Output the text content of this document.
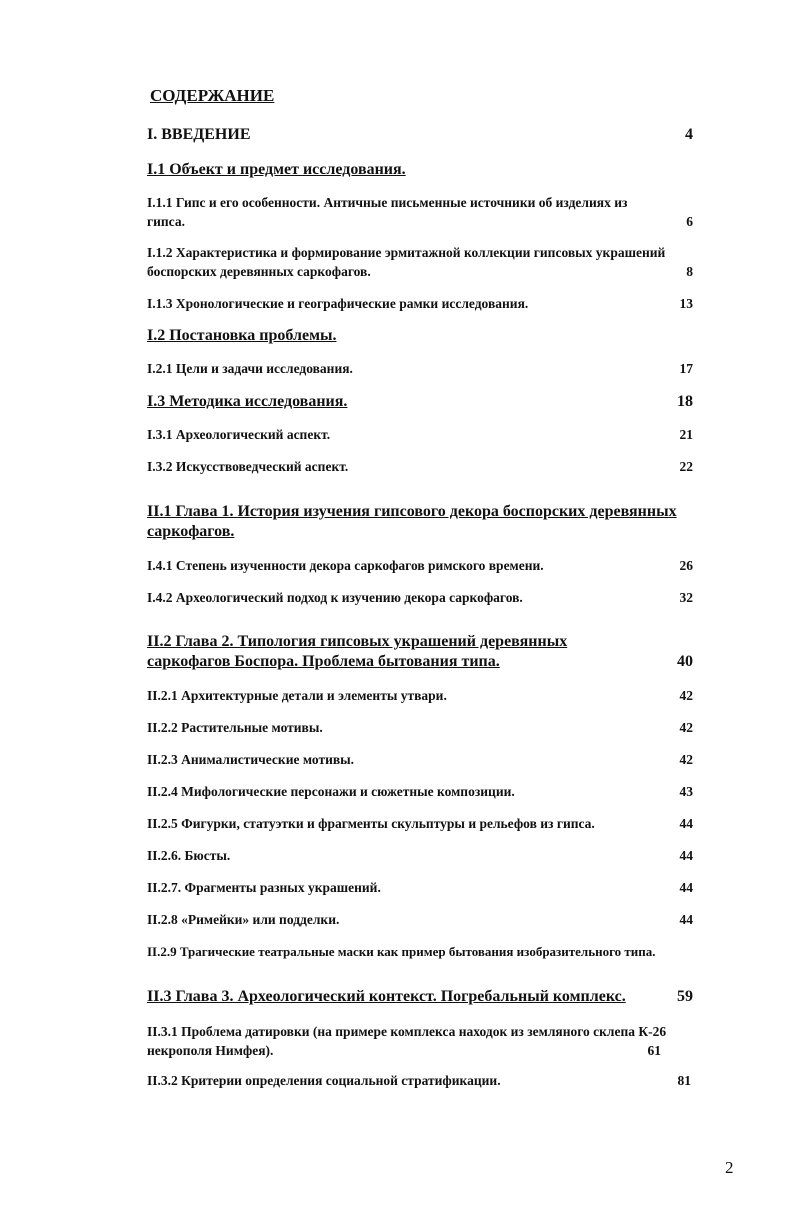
СОДЕРЖАНИЕ
I. ВВЕДЕНИЕ	4
I.1 Объект и предмет исследования.
I.1.1 Гипс и его особенности. Античные письменные источники об изделиях из гипса.	6
I.1.2 Характеристика и формирование эрмитажной коллекции гипсовых украшений боспорских деревянных саркофагов.	8
I.1.3 Хронологические и географические рамки исследования.	13
I.2 Постановка проблемы.
I.2.1 Цели и задачи исследования.	17
I.3 Методика исследования.	18
I.3.1 Археологический аспект.	21
I.3.2 Искусствоведческий аспект.	22
II.1 Глава 1. История изучения гипсового декора боспорских деревянных саркофагов.
I.4.1 Степень изученности декора саркофагов римского времени.	26
I.4.2 Археологический подход к изучению декора саркофагов.	32
II.2 Глава 2. Типология гипсовых украшений деревянных саркофагов Боспора. Проблема бытования типа.	40
II.2.1 Архитектурные детали и элементы утвари.	42
II.2.2 Растительные мотивы.	42
II.2.3 Анималистические мотивы.	42
II.2.4 Мифологические персонажи и сюжетные композиции.	43
II.2.5 Фигурки, статуэтки и фрагменты скульптуры и рельефов из гипса.	44
II.2.6. Бюсты.	44
II.2.7. Фрагменты разных украшений.	44
II.2.8 «Римейки» или подделки.	44
II.2.9 Трагические театральные маски как пример бытования изобразительного типа.
II.3 Глава 3. Археологический контекст. Погребальный комплекс.	59
II.3.1 Проблема датировки (на примере комплекса находок из земляного склепа К-26 некрополя Нимфея).	61
II.3.2 Критерии определения социальной стратификации.	81
2
